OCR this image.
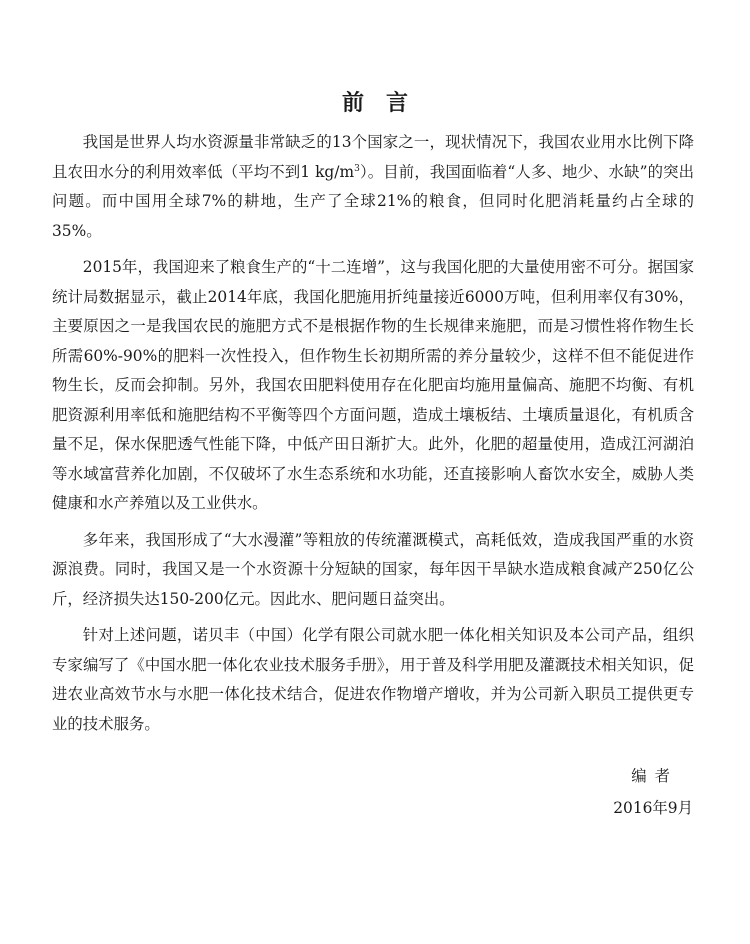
前言

我国是世界人均水资源量非常缺乏的13个国家之一，现状情况下，我国农业用水比例下降且农田水分的利用效率低（平均不到1 $kg/m^3$）。目前，我国面临着“人多、地少、水缺”的突出问题。而中国用全球7%的耕地，生产了全球21%的粮食，但同时化肥消耗量约占全球的35%。

2015年，我国迎来了粮食生产的“十二连增”，这与我国化肥的大量使用密不可分。据国家统计局数据显示，截止2014年底，我国化肥施用折纯量接近6000万吨，但利用率仅有30%，主要原因之一是我国农民的施肥方式不是根据作物的生长规律来施肥，而是习惯性将作物生长所需60%-90%的肥料一次性投入，但作物生长初期所需的养分量较少，这样不但不能促进作物生长，反而会抑制。另外，我国农田肥料使用存在化肥亩均施用量偏高、施肥不均衡、有机肥资源利用率低和施肥结构不平衡等四个方面问题，造成土壤板结、土壤质量退化，有机质含量不足，保水保肥透气性能下降，中低产田日渐扩大。此外，化肥的超量使用，造成江河湖泊等水域富营养化加剧，不仅破坏了水生态系统和水功能，还直接影响人畜饮水安全，威胁人类健康和水产养殖以及工业供水。

多年来，我国形成了“大水漫灌”等粗放的传统灌溉模式，高耗低效，造成我国严重的水资源浪费。同时，我国又是一个水资源十分短缺的国家，每年因干旱缺水造成粮食减产250亿公斤，经济损失达150-200亿元。因此水、肥问题日益突出。

针对上述问题，诺贝丰（中国）化学有限公司就水肥一体化相关知识及本公司产品，组织专家编写了《中国水肥一体化农业技术服务手册》，用于普及科学用肥及灌溉技术相关知识，促进农业高效节水与水肥一体化技术结合，促进农作物增产增收，并为公司新入职员工提供更专业的技术服务。

编者
2016年9月
